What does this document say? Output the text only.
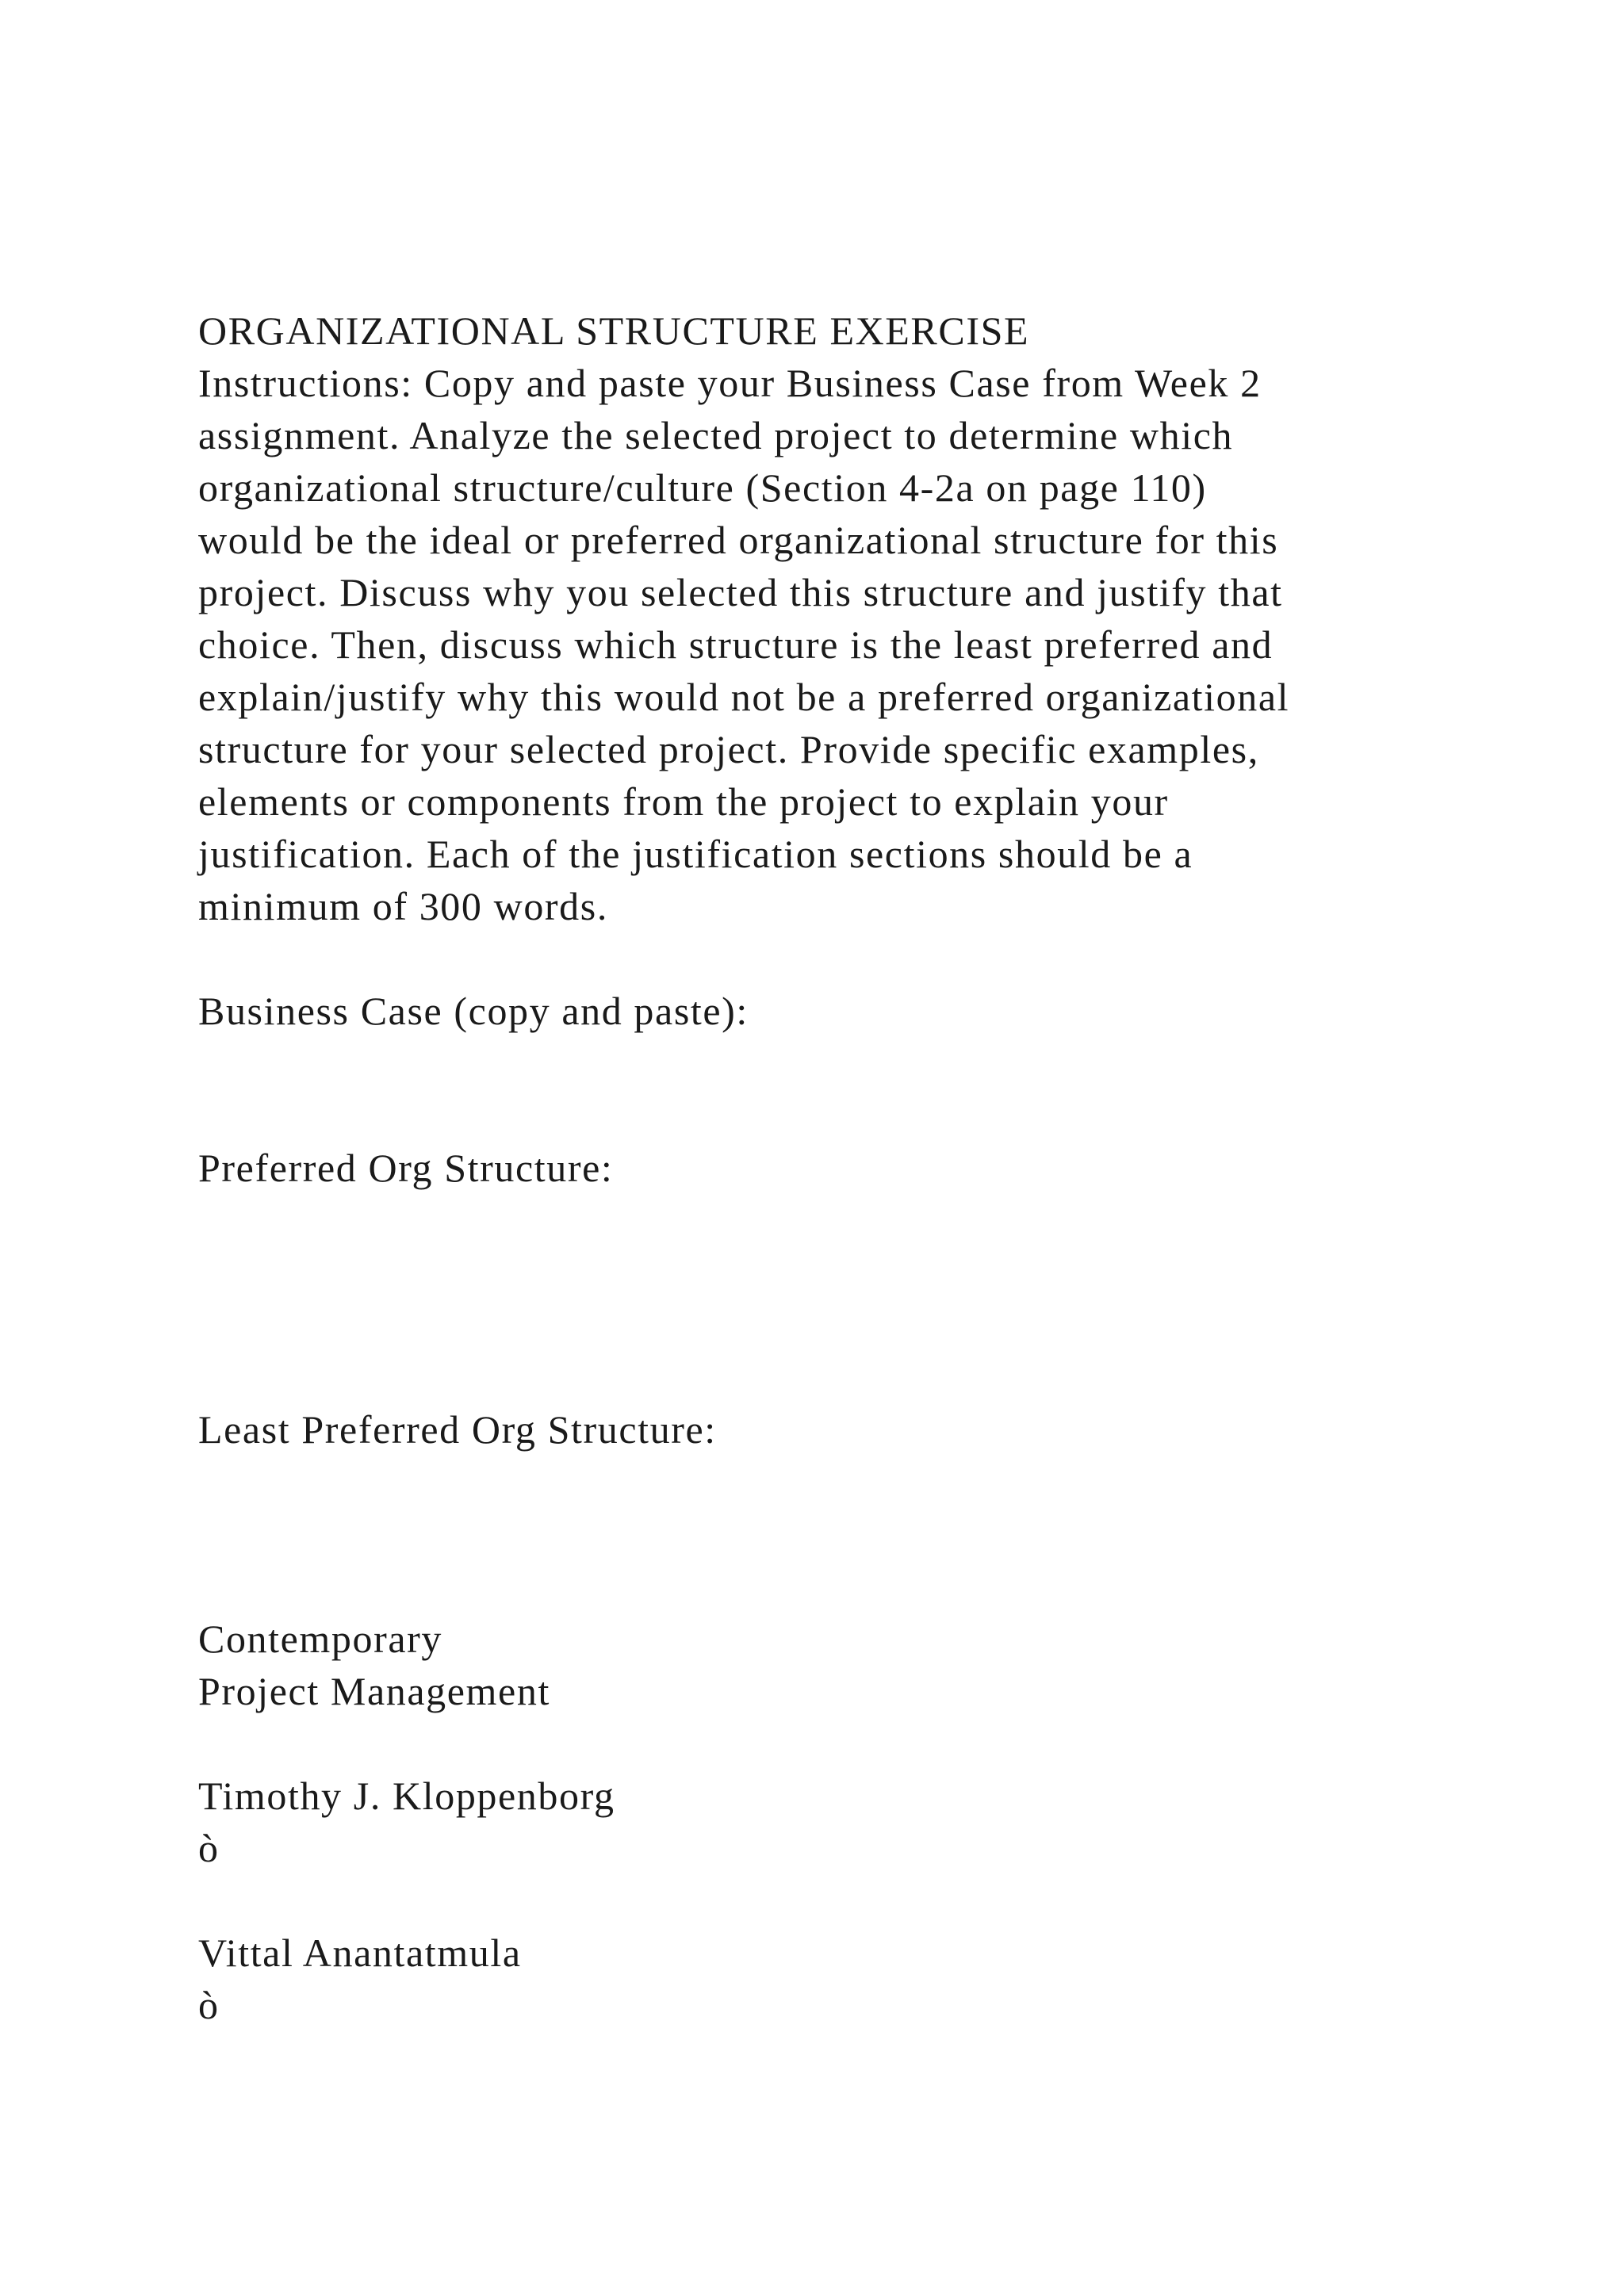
ORGANIZATIONAL STRUCTURE EXERCISE
Instructions: Copy and paste your Business Case from Week 2
assignment. Analyze the selected project to determine which
organizational structure/culture (Section 4-2a on page 110)
would be the ideal or preferred organizational structure for this
project. Discuss why you selected this structure and justify that
choice. Then, discuss which structure is the least preferred and
explain/justify why this would not be a preferred organizational
structure for your selected project. Provide specific examples,
elements or components from the project to explain your
justification. Each of the justification sections should be a
minimum of 300 words.
Business Case (copy and paste):
Preferred Org Structure:
Least Preferred Org Structure:
Contemporary
Project Management
Timothy J. Kloppenborg
ò
Vittal Anantatmula
ò
